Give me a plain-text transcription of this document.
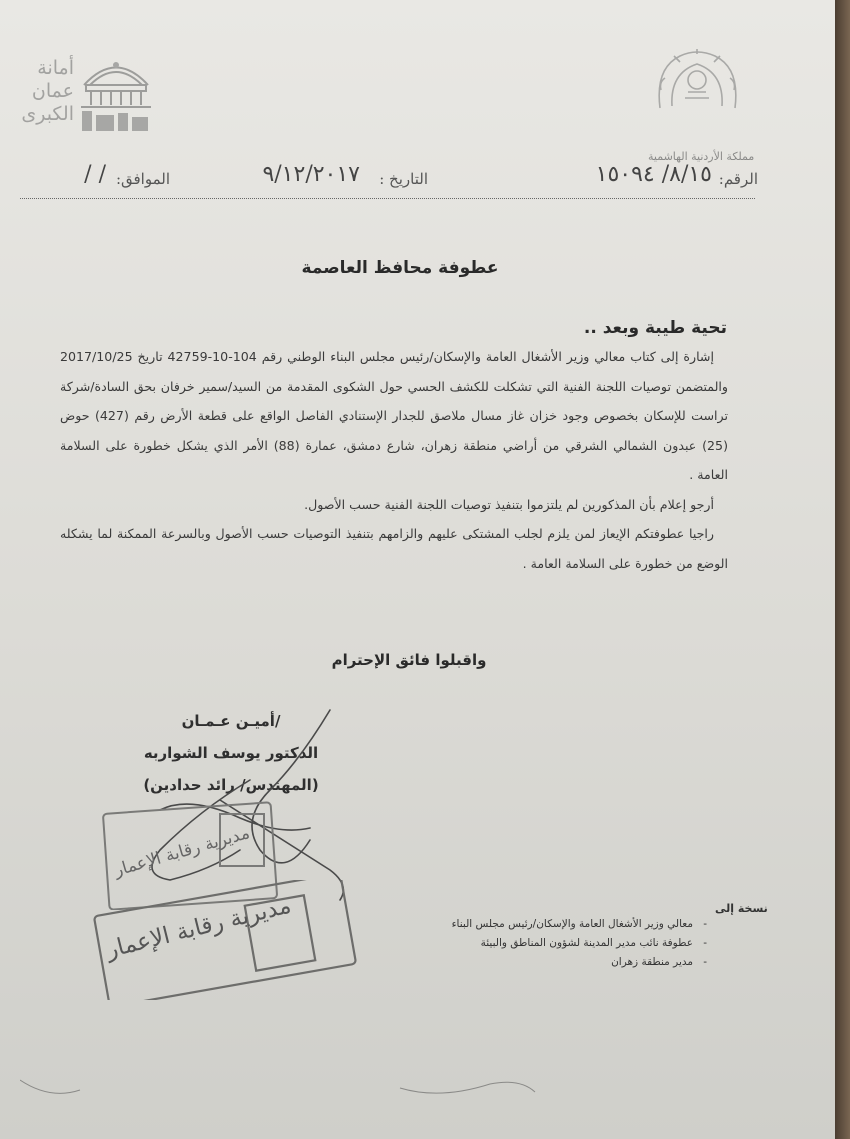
أمانة عمان الكبرى
مملكة الأردنية الهاشمية
الرقم:
٨/١٥/ ١٥٠٩٤
التاريخ :
٩/١٢/٢٠١٧
الموافق:
/ /
عطوفة محافظ العاصمة
تحية طيبة وبعد ..

إشارة إلى كتاب معالي وزير الأشغال العامة والإسكان/رئيس مجلس البناء الوطني رقم 104-10-42759 تاريخ 2017/10/25 والمتضمن توصيات اللجنة الفنية التي تشكلت للكشف الحسي حول الشكوى المقدمة من السيد/سمير خرفان بحق السادة/شركة تراست للإسكان بخصوص وجود خزان غاز مسال ملاصق للجدار الإستنادي الفاصل الواقع على قطعة الأرض رقم (427) حوض (25) عبدون الشمالي الشرقي من أراضي منطقة زهران، شارع دمشق، عمارة (88) الأمر الذي يشكل خطورة على السلامة العامة .

أرجو إعلام بأن المذكورين لم يلتزموا بتنفيذ توصيات اللجنة الفنية حسب الأصول.

راجيا عطوفتكم الإيعاز لمن يلزم لجلب المشتكى عليهم والزامهم بتنفيذ التوصيات حسب الأصول وبالسرعة الممكنة لما يشكله الوضع من خطورة على السلامة العامة .

واقبلوا فائق الإحترام
/أميـن عـمـان
الدكتور يوسف الشواربه
(المهندس/ رائد حدادين)
مديرية رقابة الإعمار
مديرية رقابة الإعمار	نسخة إلى
- معالي وزير الأشغال العامة والإسكان/رئيس مجلس البناء
- عطوفة نائب مدير المدينة لشؤون المناطق والبيئة
- مدير منطقة زهران
